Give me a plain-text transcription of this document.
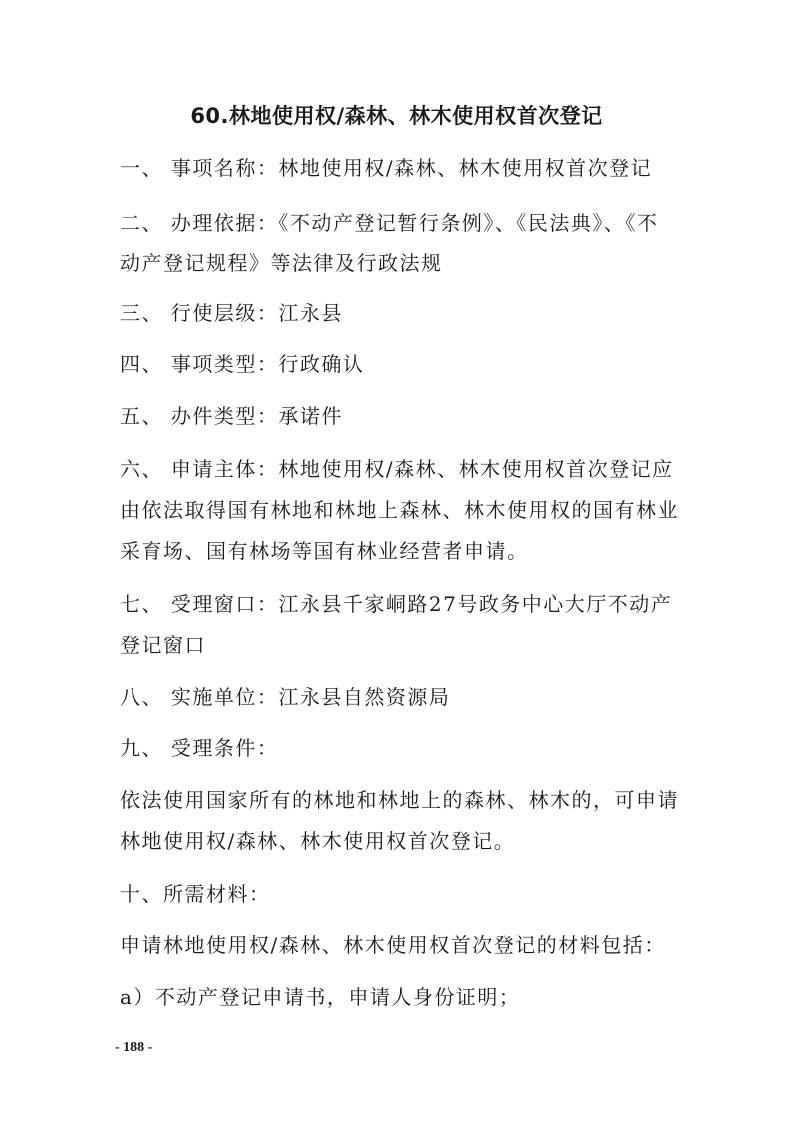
60.林地使用权/森林、林木使用权首次登记
一、 事项名称：林地使用权/森林、林木使用权首次登记
二、 办理依据：《不动产登记暂行条例》、《民法典》、《不
动产登记规程》等法律及行政法规
三、 行使层级：江永县
四、 事项类型：行政确认
五、 办件类型：承诺件
六、 申请主体：林地使用权/森林、林木使用权首次登记应
由依法取得国有林地和林地上森林、林木使用权的国有林业
采育场、国有林场等国有林业经营者申请。
七、 受理窗口：江永县千家峒路27号政务中心大厅不动产
登记窗口
八、 实施单位：江永县自然资源局
九、 受理条件：
依法使用国家所有的林地和林地上的森林、林木的，可申请
林地使用权/森林、林木使用权首次登记。
十、所需材料：
申请林地使用权/森林、林木使用权首次登记的材料包括：
a）不动产登记申请书，申请人身份证明；
- 188 -
